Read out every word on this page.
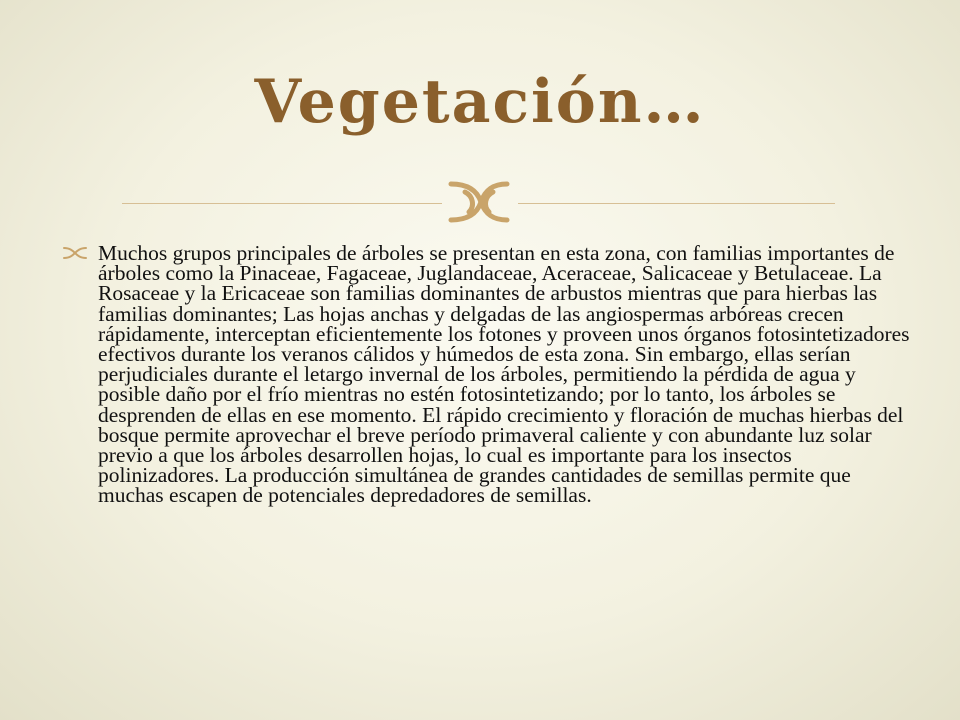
Vegetación…

Muchos grupos principales de árboles se presentan en esta zona, con familias importantes de árboles como la Pinaceae, Fagaceae, Juglandaceae, Aceraceae, Salicaceae y Betulaceae. La Rosaceae y la Ericaceae son familias dominantes de arbustos mientras que para hierbas las familias dominantes; Las hojas anchas y delgadas de las angiospermas arbóreas crecen rápidamente, interceptan eficientemente los fotones y proveen unos órganos fotosintetizadores efectivos durante los veranos cálidos y húmedos de esta zona. Sin embargo, ellas serían perjudiciales durante el letargo invernal de los árboles, permitiendo la pérdida de agua y posible daño por el frío mientras no estén fotosintetizando; por lo tanto, los árboles se desprenden de ellas en ese momento. El rápido crecimiento y floración de muchas hierbas del bosque permite aprovechar el breve período primaveral caliente y con abundante luz solar previo a que los árboles desarrollen hojas, lo cual es importante para los insectos polinizadores. La producción simultánea de grandes cantidades de semillas permite que muchas escapen de potenciales depredadores de semillas.
